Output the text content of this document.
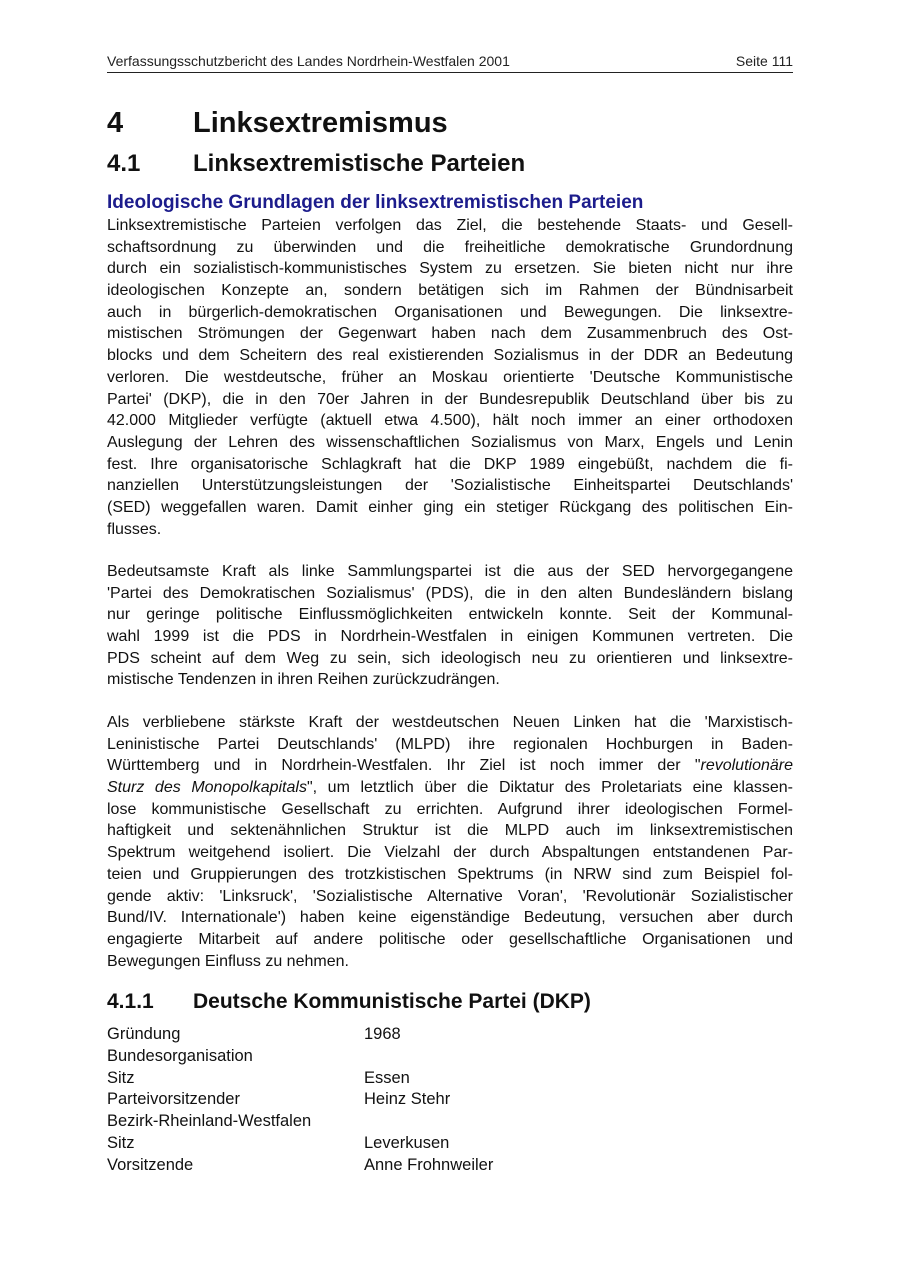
Verfassungsschutzbericht des Landes Nordrhein-Westfalen 2001	Seite 111
4 Linksextremismus
4.1 Linksextremistische Parteien
Ideologische Grundlagen der linksextremistischen Parteien
Linksextremistische Parteien verfolgen das Ziel, die bestehende Staats- und Gesell-
schaftsordnung zu überwinden und die freiheitliche demokratische Grundordnung
durch ein sozialistisch-kommunistisches System zu ersetzen. Sie bieten nicht nur ihre
ideologischen Konzepte an, sondern betätigen sich im Rahmen der Bündnisarbeit
auch in bürgerlich-demokratischen Organisationen und Bewegungen. Die linksextre-
mistischen Strömungen der Gegenwart haben nach dem Zusammenbruch des Ost-
blocks und dem Scheitern des real existierenden Sozialismus in der DDR an Bedeutung
verloren. Die westdeutsche, früher an Moskau orientierte 'Deutsche Kommunistische
Partei' (DKP), die in den 70er Jahren in der Bundesrepublik Deutschland über bis zu
42.000 Mitglieder verfügte (aktuell etwa 4.500), hält noch immer an einer orthodoxen
Auslegung der Lehren des wissenschaftlichen Sozialismus von Marx, Engels und Lenin
fest. Ihre organisatorische Schlagkraft hat die DKP 1989 eingebüßt, nachdem die fi-
nanziellen Unterstützungsleistungen der 'Sozialistische Einheitspartei Deutschlands'
(SED) weggefallen waren. Damit einher ging ein stetiger Rückgang des politischen Ein-
flusses.
Bedeutsamste Kraft als linke Sammlungspartei ist die aus der SED hervorgegangene
'Partei des Demokratischen Sozialismus' (PDS), die in den alten Bundesländern bislang
nur geringe politische Einflussmöglichkeiten entwickeln konnte. Seit der Kommunal-
wahl 1999 ist die PDS in Nordrhein-Westfalen in einigen Kommunen vertreten. Die
PDS scheint auf dem Weg zu sein, sich ideologisch neu zu orientieren und linksextre-
mistische Tendenzen in ihren Reihen zurückzudrängen.
Als verbliebene stärkste Kraft der westdeutschen Neuen Linken hat die 'Marxistisch-
Leninistische Partei Deutschlands' (MLPD) ihre regionalen Hochburgen in Baden-
Württemberg und in Nordrhein-Westfalen. Ihr Ziel ist noch immer der "revolutionäre
Sturz des Monopolkapitals", um letztlich über die Diktatur des Proletariats eine klassen-
lose kommunistische Gesellschaft zu errichten. Aufgrund ihrer ideologischen Formel-
haftigkeit und sektenähnlichen Struktur ist die MLPD auch im linksextremistischen
Spektrum weitgehend isoliert. Die Vielzahl der durch Abspaltungen entstandenen Par-
teien und Gruppierungen des trotzkistischen Spektrums (in NRW sind zum Beispiel fol-
gende aktiv: 'Linksruck', 'Sozialistische Alternative Voran', 'Revolutionär Sozialistischer
Bund/IV. Internationale') haben keine eigenständige Bedeutung, versuchen aber durch
engagierte Mitarbeit auf andere politische oder gesellschaftliche Organisationen und
Bewegungen Einfluss zu nehmen.
4.1.1 Deutsche Kommunistische Partei (DKP)
Gründung	1968
Bundesorganisation
Sitz	Essen
Parteivorsitzender	Heinz Stehr
Bezirk-Rheinland-Westfalen
Sitz	Leverkusen
Vorsitzende	Anne Frohnweiler
